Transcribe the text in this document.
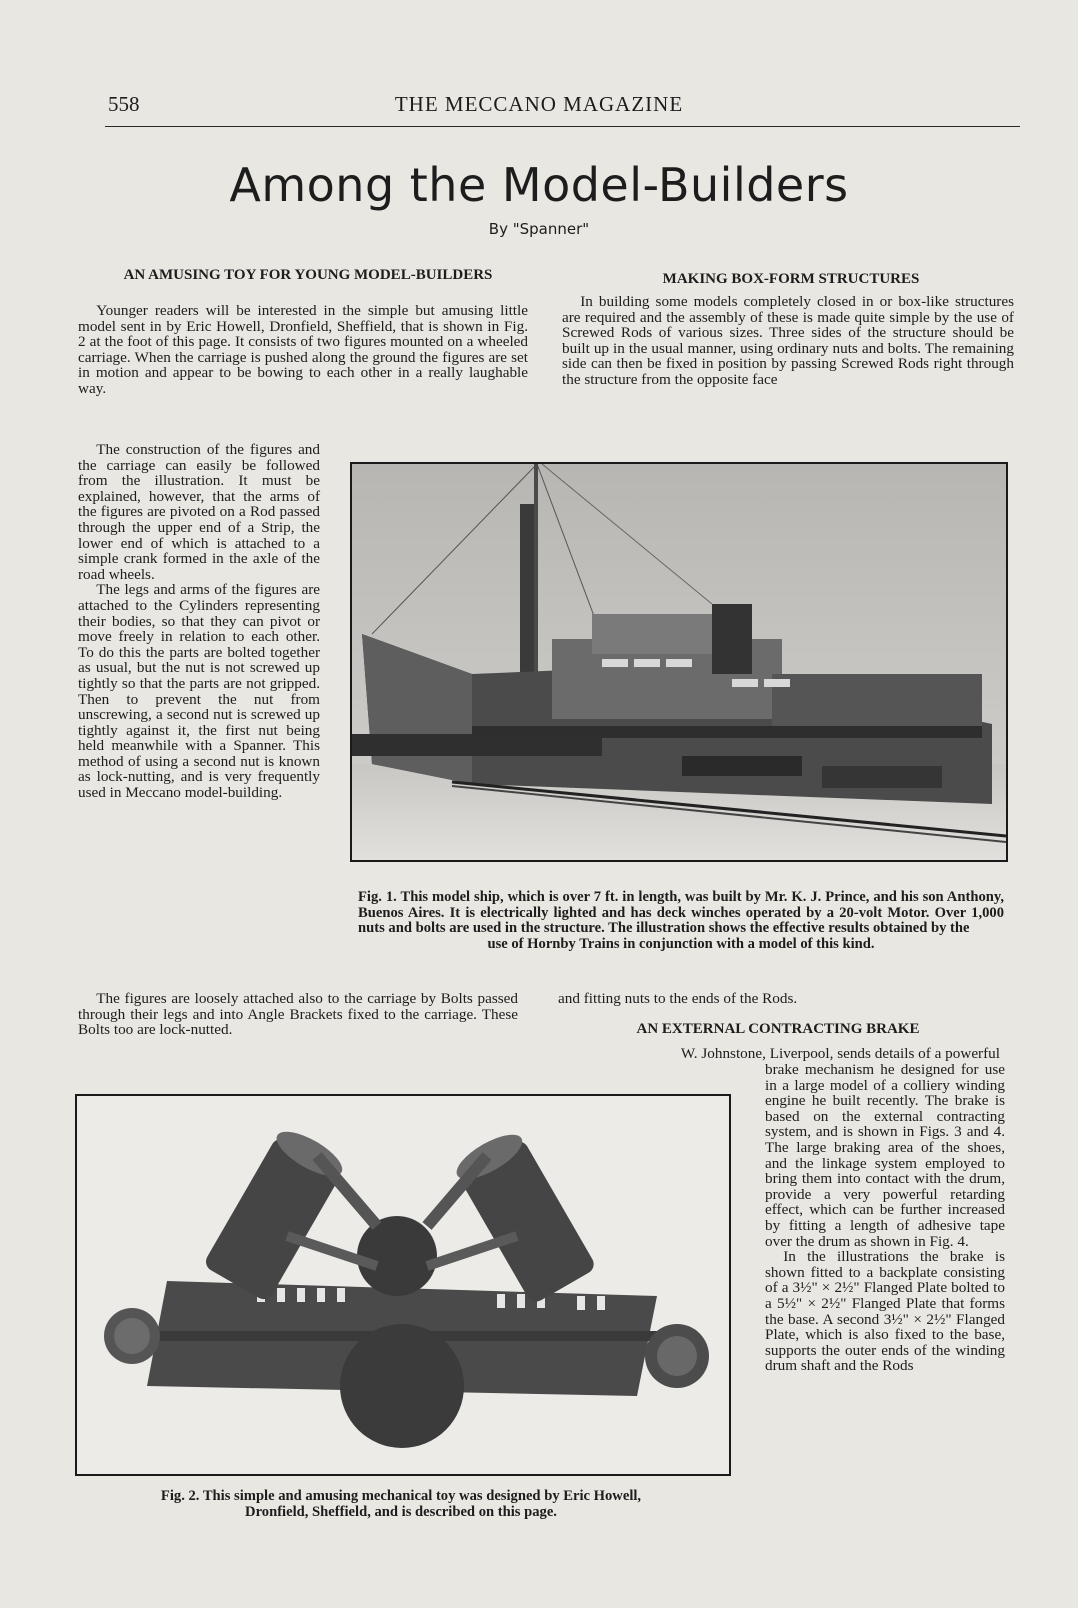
558	THE MECCANO MAGAZINE
Among the Model-Builders
By "Spanner"
AN AMUSING TOY FOR YOUNG MODEL-BUILDERS

Younger readers will be interested in the simple but amusing little model sent in by Eric Howell, Dronfield, Sheffield, that is shown in Fig. 2 at the foot of this page. It consists of two figures mounted on a wheeled carriage. When the carriage is pushed along the ground the figures are set in motion and appear to be bowing to each other in a really laughable way.

The construction of the figures and the carriage can easily be followed from the illustration. It must be explained, however, that the arms of the figures are pivoted on a Rod passed through the upper end of a Strip, the lower end of which is attached to a simple crank formed in the axle of the road wheels.

The legs and arms of the figures are attached to the Cylinders representing their bodies, so that they can pivot or move freely in relation to each other. To do this the parts are bolted together as usual, but the nut is not screwed up tightly so that the parts are not gripped. Then to prevent the nut from unscrewing, a second nut is screwed up tightly against it, the first nut being held meanwhile with a Spanner. This method of using a second nut is known as lock-nutting, and is very frequently used in Meccano model-building.

The figures are loosely attached also to the carriage by Bolts passed through their legs and into Angle Brackets fixed to the carriage. These Bolts too are lock-nutted.

MAKING BOX-FORM STRUCTURES

In building some models completely closed in or box-like structures are required and the assembly of these is made quite simple by the use of Screwed Rods of various sizes. Three sides of the structure should be built up in the usual manner, using ordinary nuts and bolts. The remaining side can then be fixed in position by passing Screwed Rods right through the structure from the opposite face

Fig. 1. This model ship, which is over 7 ft. in length, was built by Mr. K. J. Prince, and his son Anthony, Buenos Aires. It is electrically lighted and has deck winches operated by a 20-volt Motor. Over 1,000 nuts and bolts are used in the structure. The illustration shows the effective results obtained by the
use of Hornby Trains in conjunction with a model of this kind.

and fitting nuts to the ends of the Rods.

AN EXTERNAL CONTRACTING BRAKE

W. Johnstone, Liverpool, sends details of a powerful

brake mechanism he designed for use in a large model of a colliery winding engine he built recently. The brake is based on the external contracting system, and is shown in Figs. 3 and 4. The large braking area of the shoes, and the linkage system employed to bring them into contact with the drum, provide a very powerful retarding effect, which can be further increased by fitting a length of adhesive tape over the drum as shown in Fig. 4.

In the illustrations the brake is shown fitted to a backplate consisting of a 3½" × 2½" Flanged Plate bolted to a 5½" × 2½" Flanged Plate that forms the base. A second 3½" × 2½" Flanged Plate, which is also fixed to the base, supports the outer ends of the winding drum shaft and the Rods

Fig. 2. This simple and amusing mechanical toy was designed by Eric Howell,
Dronfield, Sheffield, and is described on this page.
